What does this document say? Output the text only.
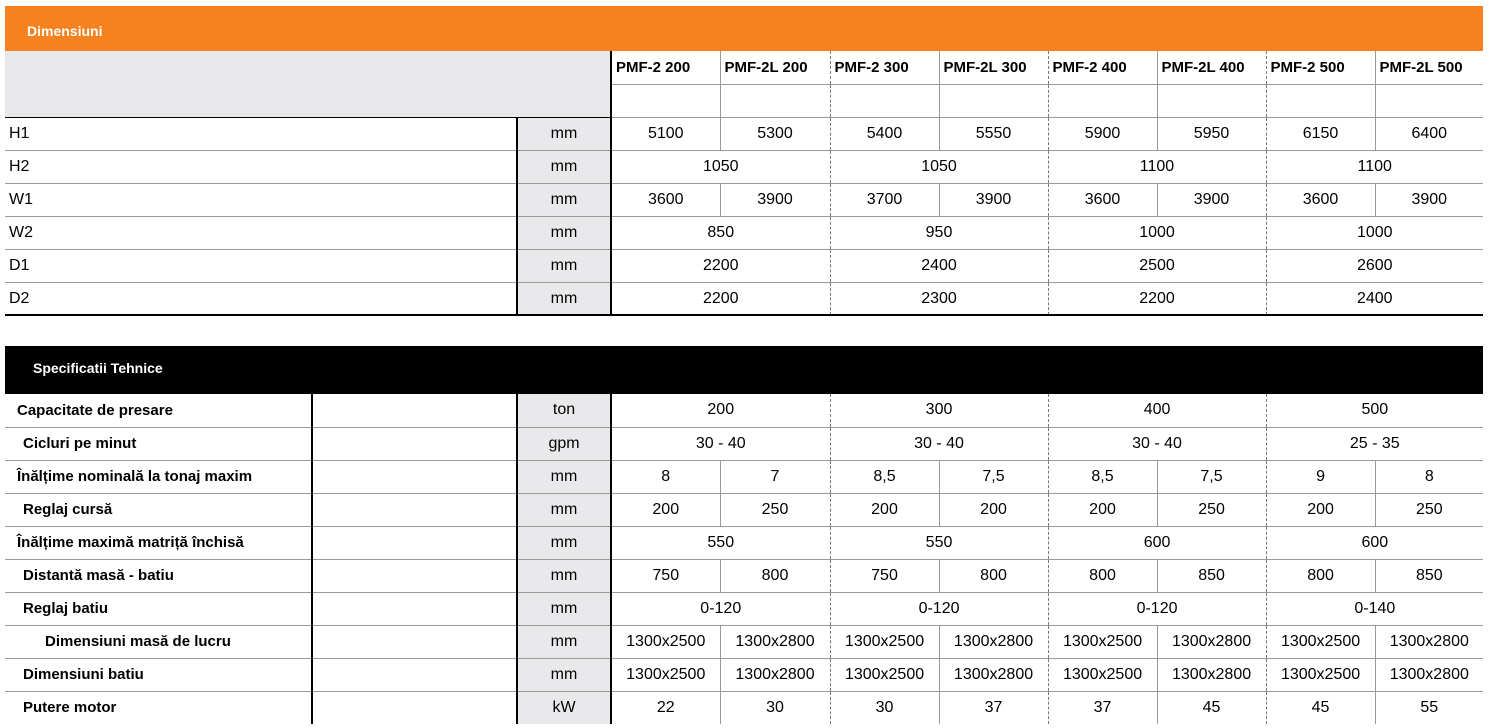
Dimensiuni
		PMF-2 200	PMF-2L 200	PMF-2 300	PMF-2L 300	PMF-2 400	PMF-2L 400	PMF-2 500	PMF-2L 500

H1	mm	5100	5300	5400	5550	5900	5950	6150	6400
H2	mm	1050		1050		1100		1100	
W1	mm	3600	3900	3700	3900	3600	3900	3600	3900
W2	mm	850		950		1000		1000	
D1	mm	2200		2400		2500		2600	
D2	mm	2200		2300		2200		2400	
Specificatii Tehnice
Capacitate de presare		ton	200		300		400		500	
Cicluri pe minut		gpm	30 - 40		30 - 40		30 - 40		25 - 35	
Înălțime nominală la tonaj maxim		mm	8	7	8,5	7,5	8,5	7,5	9	8
Reglaj cursă		mm	200	250	200	200	200	250	200	250
Înălțime maximă matriță închisă		mm	550		550		600		600	
Distantă masă - batiu		mm	750	800	750	800	800	850	800	850
Reglaj batiu		mm	0-120		0-120		0-120		0-140	
Dimensiuni masă de lucru		mm	1300x2500	1300x2800	1300x2500	1300x2800	1300x2500	1300x2800	1300x2500	1300x2800
Dimensiuni batiu		mm	1300x2500	1300x2800	1300x2500	1300x2800	1300x2500	1300x2800	1300x2500	1300x2800
Putere motor		kW	22	30	30	37	37	45	45	55
